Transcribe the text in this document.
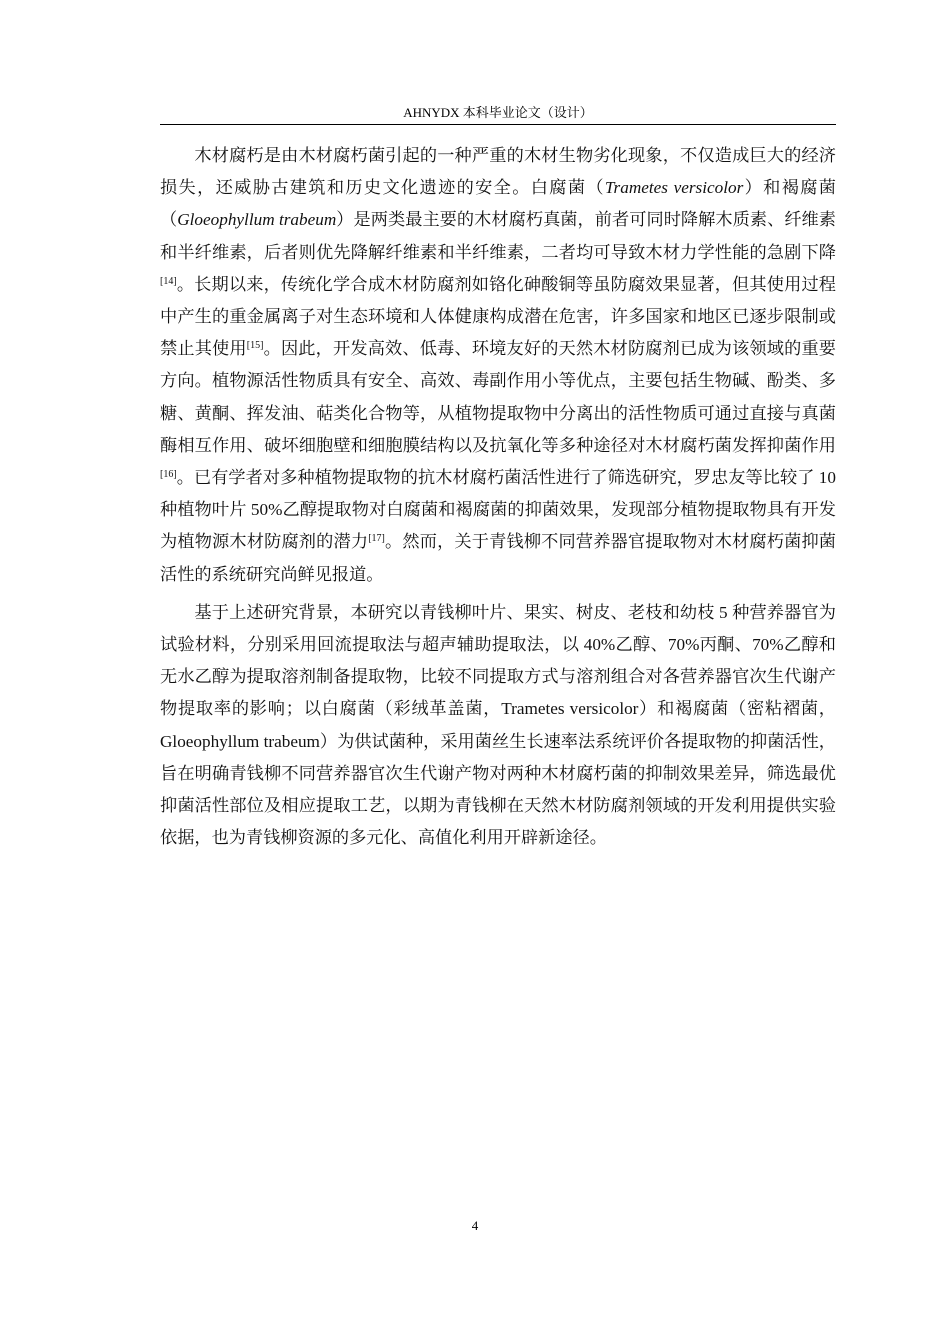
AHNYDX 本科毕业论文（设计）

木材腐朽是由木材腐朽菌引起的一种严重的木材生物劣化现象，不仅造成巨大的经济损失，还威胁古建筑和历史文化遗迹的安全。白腐菌（Trametes versicolor）和褐腐菌（Gloeophyllum trabeum）是两类最主要的木材腐朽真菌，前者可同时降解木质素、纤维素和半纤维素，后者则优先降解纤维素和半纤维素，二者均可导致木材力学性能的急剧下降[14]。长期以来，传统化学合成木材防腐剂如铬化砷酸铜等虽防腐效果显著，但其使用过程中产生的重金属离子对生态环境和人体健康构成潜在危害，许多国家和地区已逐步限制或禁止其使用[15]。因此，开发高效、低毒、环境友好的天然木材防腐剂已成为该领域的重要方向。植物源活性物质具有安全、高效、毒副作用小等优点，主要包括生物碱、酚类、多糖、黄酮、挥发油、萜类化合物等，从植物提取物中分离出的活性物质可通过直接与真菌酶相互作用、破坏细胞壁和细胞膜结构以及抗氧化等多种途径对木材腐朽菌发挥抑菌作用[16]。已有学者对多种植物提取物的抗木材腐朽菌活性进行了筛选研究，罗忠友等比较了 10 种植物叶片 50%乙醇提取物对白腐菌和褐腐菌的抑菌效果，发现部分植物提取物具有开发为植物源木材防腐剂的潜力[17]。然而，关于青钱柳不同营养器官提取物对木材腐朽菌抑菌活性的系统研究尚鲜见报道。

基于上述研究背景，本研究以青钱柳叶片、果实、树皮、老枝和幼枝 5 种营养器官为试验材料，分别采用回流提取法与超声辅助提取法，以 40%乙醇、70%丙酮、70%乙醇和无水乙醇为提取溶剂制备提取物，比较不同提取方式与溶剂组合对各营养器官次生代谢产物提取率的影响；以白腐菌（彩绒革盖菌，Trametes versicolor）和褐腐菌（密粘褶菌，Gloeophyllum trabeum）为供试菌种，采用菌丝生长速率法系统评价各提取物的抑菌活性，旨在明确青钱柳不同营养器官次生代谢产物对两种木材腐朽菌的抑制效果差异，筛选最优抑菌活性部位及相应提取工艺，以期为青钱柳在天然木材防腐剂领域的开发利用提供实验依据，也为青钱柳资源的多元化、高值化利用开辟新途径。

4
